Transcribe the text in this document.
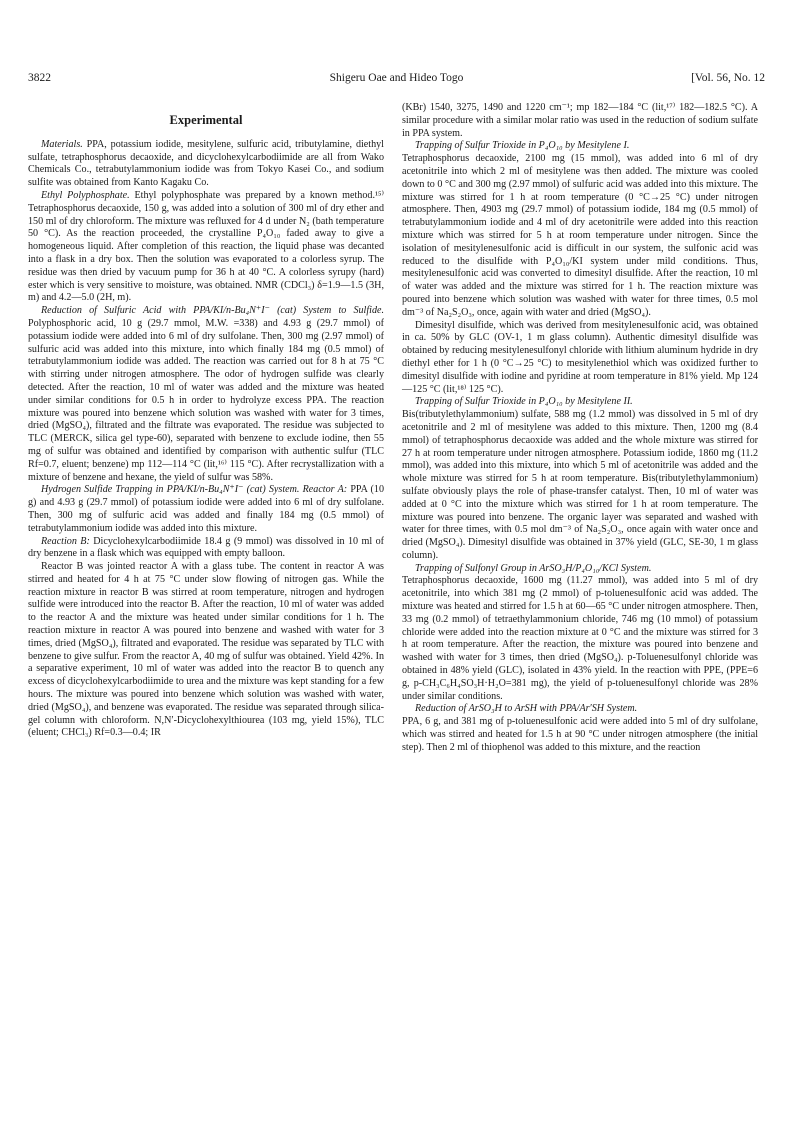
3822	Shigeru Oae and Hideo Togo	[Vol. 56, No. 12
Experimental

Materials. PPA, potassium iodide, mesitylene, sulfuric acid, tributylamine, diethyl sulfate, tetraphosphorus decaoxide, and dicyclohexylcarbodiimide are all from Wako Chemicals Co., tetrabutylammonium iodide was from Tokyo Kasei Co., and sodium sulfite was obtained from Kanto Kagaku Co.

Ethyl Polyphosphate. Ethyl polyphosphate was prepared by a known method.¹⁵⁾ Tetraphosphorus decaoxide, 150 g, was added into a solution of 300 ml of dry ether and 150 ml of dry chloroform. The mixture was refluxed for 4 d under N₂ (bath temperature 50 °C). As the reaction proceeded, the crystalline P₄O₁₀ faded away to give a homogeneous liquid. After completion of this reaction, the liquid phase was decanted into a flask in a dry box. Then the solution was evaporated to a colorless syrup. The residue was then dried by vacuum pump for 36 h at 40 °C. A colorless syrupy (hard) ester which is very sensitive to moisture, was obtained. NMR (CDCl₃) δ=1.9—1.5 (3H, m) and 4.2—5.0 (2H, m).

Reduction of Sulfuric Acid with PPA/KI/n-Bu₄N⁺I⁻ (cat) System to Sulfide. Polyphosphoric acid, 10 g (29.7 mmol, M.W. =338) and 4.93 g (29.7 mmol) of potassium iodide were added into 6 ml of dry sulfolane. Then, 300 mg (2.97 mmol) of sulfuric acid was added into this mixture, into which finally 184 mg (0.5 mmol) of tetrabutylammonium iodide was added. The reaction was carried out for 8 h at 75 °C with stirring under nitrogen atmosphere. The odor of hydrogen sulfide was clearly detected. After the reaction, 10 ml of water was added and the mixture was heated under similar conditions for 0.5 h in order to hydrolyze excess PPA. The reaction mixture was poured into benzene which solution was washed with water for 3 times, dried (MgSO₄), filtrated and the filtrate was evaporated. The residue was subjected to TLC (MERCK, silica gel type-60), separated with benzene to exclude iodine, then 55 mg of sulfur was obtained and identified by comparison with authentic sulfur (TLC Rf=0.7, eluent; benzene) mp 112—114 °C (lit,¹⁶⁾ 115 °C). After recrystallization with a mixture of benzene and hexane, the yield of sulfur was 58%.

Hydrogen Sulfide Trapping in PPA/KI/n-Bu₄N⁺I⁻ (cat) System. Reactor A: PPA (10 g) and 4.93 g (29.7 mmol) of potassium iodide were added into 6 ml of dry sulfolane. Then, 300 mg of sulfuric acid was added and finally 184 mg (0.5 mmol) of tetrabutylammonium iodide was added into this mixture.

Reaction B: Dicyclohexylcarbodiimide 18.4 g (9 mmol) was dissolved in 10 ml of dry benzene in a flask which was equipped with empty balloon.

Reactor B was jointed reactor A with a glass tube. The content in reactor A was stirred and heated for 4 h at 75 °C under slow flowing of nitrogen gas. While the reaction mixture in reactor B was stirred at room temperature, nitrogen and hydrogen sulfide were introduced into the reactor B. After the reaction, 10 ml of water was added to the reactor A and the mixture was heated under similar conditions for 1 h. The reaction mixture in reactor A was poured into benzene and washed with water for 3 times, dried (MgSO₄), filtrated and evaporated. The residue was separated by TLC with benzene to give sulfur. From the reactor A, 40 mg of sulfur was obtained. Yield 42%. In a separative experiment, 10 ml of water was added into the reactor B to quench any excess of dicyclohexylcarbodiimide to urea and the mixture was kept standing for a few hours. The mixture was poured into benzene which solution was washed with water, dried (MgSO₄), and benzene was evaporated. The residue was separated through silica-gel column with chloroform. N,N′-Dicyclohexylthiourea (103 mg, yield 15%), TLC (eluent; CHCl₃) Rf=0.3—0.4; IR

(KBr) 1540, 3275, 1490 and 1220 cm⁻¹; mp 182—184 °C (lit,¹⁷⁾ 182—182.5 °C). A similar procedure with a similar molar ratio was used in the reduction of sodium sulfate in PPA system.

Trapping of Sulfur Trioxide in P₄O₁₀ by Mesitylene I.

Tetraphosphorus decaoxide, 2100 mg (15 mmol), was added into 6 ml of dry acetonitrile into which 2 ml of mesitylene was then added. The mixture was cooled down to 0 °C and 300 mg (2.97 mmol) of sulfuric acid was added into this mixture. The mixture was stirred for 1 h at room temperature (0 °C→25 °C) under nitrogen atmosphere. Then, 4903 mg (29.7 mmol) of potassium iodide, 184 mg (0.5 mmol) of tetrabutylammonium iodide and 4 ml of dry acetonitrile were added into this reaction mixture which was stirred for 5 h at room temperature under nitrogen. Since the isolation of mesitylenesulfonic acid is difficult in our system, the sulfonic acid was reduced to the disulfide with P₄O₁₀/KI system under mild conditions. Thus, mesitylenesulfonic acid was converted to dimesityl disulfide. After the reaction, 10 ml of water was added and the mixture was stirred for 1 h. The reaction mixture was poured into benzene which solution was washed with water for three times, 0.5 mol dm⁻³ of Na₂S₂O₃, once, again with water and dried (MgSO₄).

Dimesityl disulfide, which was derived from mesitylenesulfonic acid, was obtained in ca. 50% by GLC (OV-1, 1 m glass column). Authentic dimesityl disulfide was obtained by reducing mesitylenesulfonyl chloride with lithium aluminum hydride in dry diethyl ether for 1 h (0 °C→25 °C) to mesitylenethiol which was oxidized further to dimesityl disulfide with iodine and pyridine at room temperature in 81% yield. Mp 124—125 °C (lit,¹⁸⁾ 125 °C).

Trapping of Sulfur Trioxide in P₄O₁₀ by Mesitylene II.

Bis(tributylethylammonium) sulfate, 588 mg (1.2 mmol) was dissolved in 5 ml of dry acetonitrile and 2 ml of mesitylene was added to this mixture. Then, 1200 mg (8.4 mmol) of tetraphosphorus decaoxide was added and the whole mixture was stirred for 27 h at room temperature under nitrogen atmosphere. Potassium iodide, 1860 mg (11.2 mmol), was added into this mixture, into which 5 ml of acetonitrile was added and the whole mixture was stirred for 5 h at room temperature. Bis(tributylethylammonium) sulfate obviously plays the role of phase-transfer catalyst. Then, 10 ml of water was added at 0 °C into the mixture which was stirred for 1 h at room temperature. The mixture was poured into benzene. The organic layer was separated and washed with water for three times, with 0.5 mol dm⁻³ of Na₂S₂O₃, once again with water once and dried (MgSO₄). Dimesityl disulfide was obtained in 37% yield (GLC, SE-30, 1 m glass column).

Trapping of Sulfonyl Group in ArSO₃H/P₄O₁₀/KCl System.

Tetraphosphorus decaoxide, 1600 mg (11.27 mmol), was added into 5 ml of dry acetonitrile, into which 381 mg (2 mmol) of p-toluenesulfonic acid was added. The mixture was heated and stirred for 1.5 h at 60—65 °C under nitrogen atmosphere. Then, 33 mg (0.2 mmol) of tetraethylammonium chloride, 746 mg (10 mmol) of potassium chloride were added into the reaction mixture at 0 °C and the mixture was stirred for 3 h at room temperature. After the reaction, the mixture was poured into benzene and washed with water for 3 times, then dried (MgSO₄). p-Toluenesulfonyl chloride was obtained in 48% yield (GLC), isolated in 43% yield. In the reaction with PPE, (PPE=6 g, p-CH₃C₆H₄SO₃H·H₂O=381 mg), the yield of p-toluenesulfonyl chloride was 28% under similar conditions.

Reduction of ArSO₃H to ArSH with PPA/Ar′SH System.

PPA, 6 g, and 381 mg of p-toluenesulfonic acid were added into 5 ml of dry sulfolane, which was stirred and heated for 1.5 h at 90 °C under nitrogen atmosphere (the initial step). Then 2 ml of thiophenol was added to this mixture, and the reaction
